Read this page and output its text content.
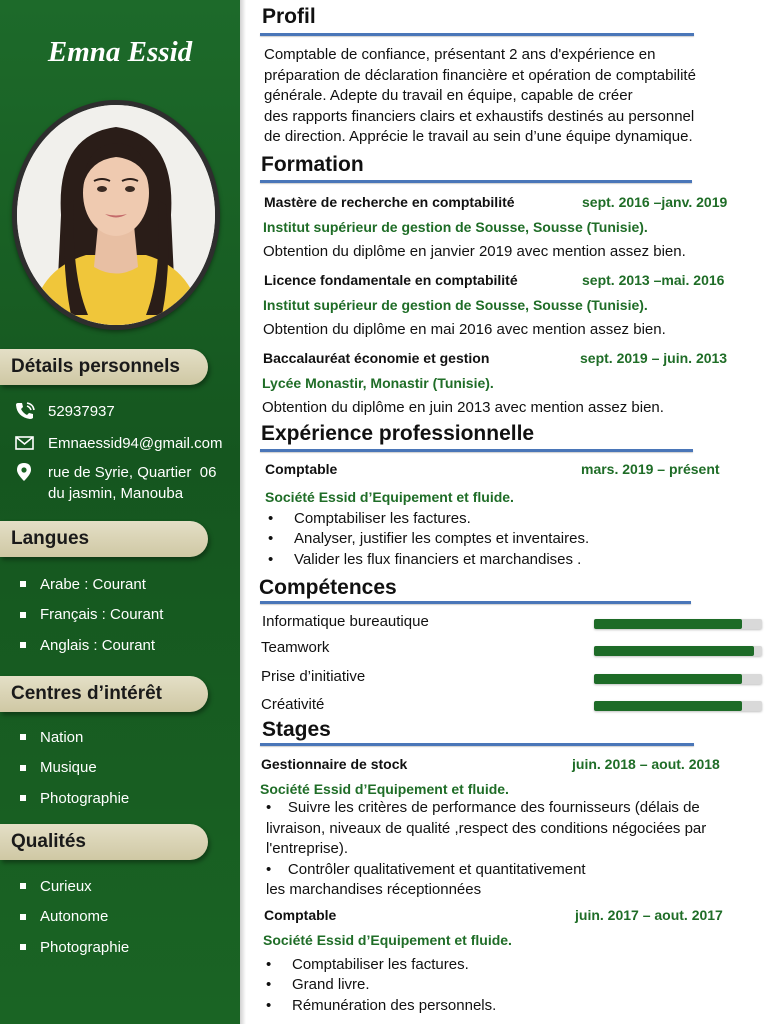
Emna Essid
Détails personnels
52937937
Emnaessid94@gmail.com
rue de Syrie, Quartier  06
du jasmin, Manouba
Langues
Arabe : Courant
Français : Courant
Anglais : Courant
Centres d’intérêt
Nation
Musique
Photographie
Qualités
Curieux
Autonome
Photographie
Profil
Comptable de confiance, présentant 2 ans d'expérience en
préparation de déclaration financière et opération de comptabilité
générale. Adepte du travail en équipe, capable de créer
des rapports financiers clairs et exhaustifs destinés au personnel
de direction. Apprécie le travail au sein d’une équipe dynamique.
Formation
Mastère de recherche en comptabilité	sept. 2016 –janv. 2019
Institut supérieur de gestion de Sousse, Sousse (Tunisie).
Obtention du diplôme en janvier 2019 avec mention assez bien.
Licence fondamentale en comptabilité	sept. 2013 –mai. 2016
Institut supérieur de gestion de Sousse, Sousse (Tunisie).
Obtention du diplôme en mai 2016 avec mention assez bien.
Baccalauréat économie et gestion	sept. 2019 – juin. 2013
Lycée Monastir, Monastir (Tunisie).
Obtention du diplôme en juin 2013 avec mention assez bien.
Expérience professionnelle
Comptable	mars. 2019 – présent
Société Essid d’Equipement et fluide.
•	Comptabiliser les factures.
•	Analyser, justifier les comptes et inventaires.
•	Valider les flux financiers et marchandises .
Compétences
Informatique bureautique
Teamwork
Prise d’initiative
Créativité
Stages
Gestionnaire de stock	juin. 2018 – aout. 2018
Société Essid d’Equipement et fluide.
•    Suivre les critères de performance des fournisseurs (délais de
livraison, niveaux de qualité ,respect des conditions négociées par
l'entreprise).
•    Contrôler qualitativement et quantitativement
les marchandises réceptionnées
Comptable	juin. 2017 – aout. 2017
Société Essid d’Equipement et fluide.
•	Comptabiliser les factures.
•	Grand livre.
•	Rémunération des personnels.
